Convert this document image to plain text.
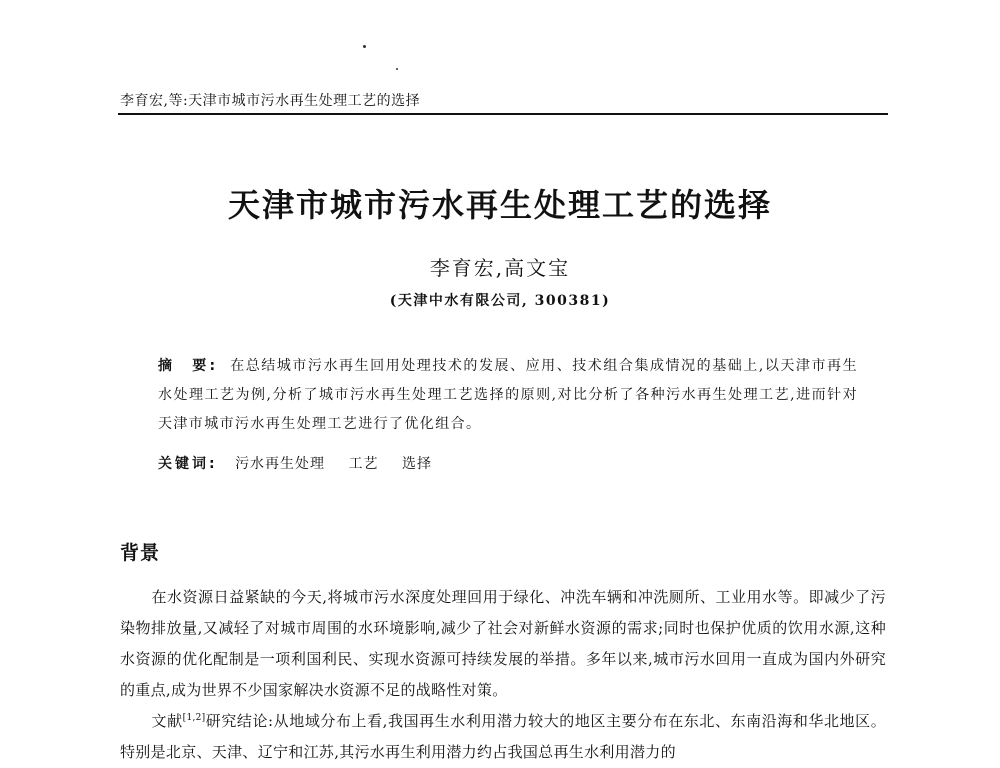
李育宏,等:天津市城市污水再生处理工艺的选择
天津市城市污水再生处理工艺的选择
李育宏,高文宝
(天津中水有限公司, 300381)
摘　要: 在总结城市污水再生回用处理技术的发展、应用、技术组合集成情况的基础上,以天津市再生水处理工艺为例,分析了城市污水再生处理工艺选择的原则,对比分析了各种污水再生处理工艺,进而针对天津市城市污水再生处理工艺进行了优化组合。
关键词: 污水再生处理 工艺 选择
背景

在水资源日益紧缺的今天,将城市污水深度处理回用于绿化、冲洗车辆和冲洗厕所、工业用水等。即减少了污染物排放量,又减轻了对城市周围的水环境影响,减少了社会对新鲜水资源的需求;同时也保护优质的饮用水源,这种水资源的优化配制是一项利国利民、实现水资源可持续发展的举措。多年以来,城市污水回用一直成为国内外研究的重点,成为世界不少国家解决水资源不足的战略性对策。

文献[1,2]研究结论:从地域分布上看,我国再生水利用潜力较大的地区主要分布在东北、东南沿海和华北地区。特别是北京、天津、辽宁和江苏,其污水再生利用潜力约占我国总再生水利用潜力的
